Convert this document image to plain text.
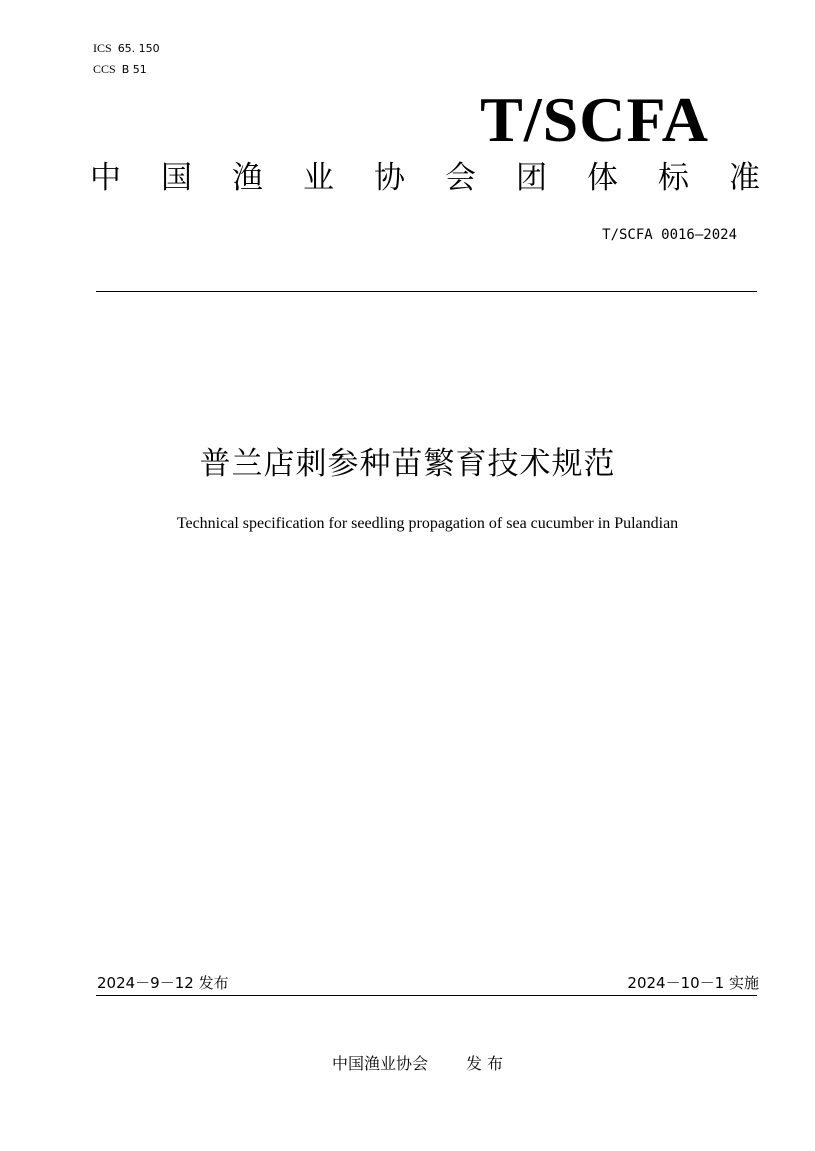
ICS 65. 150
CCS B 51
T/SCFA
中 国 渔 业 协 会 团 体 标 准
T/SCFA 0016—2024
普兰店刺参种苗繁育技术规范
Technical specification for seedling propagation of sea cucumber in Pulandian
2024－9－12 发布	2024－10－1 实施
中国渔业协会 发 布
